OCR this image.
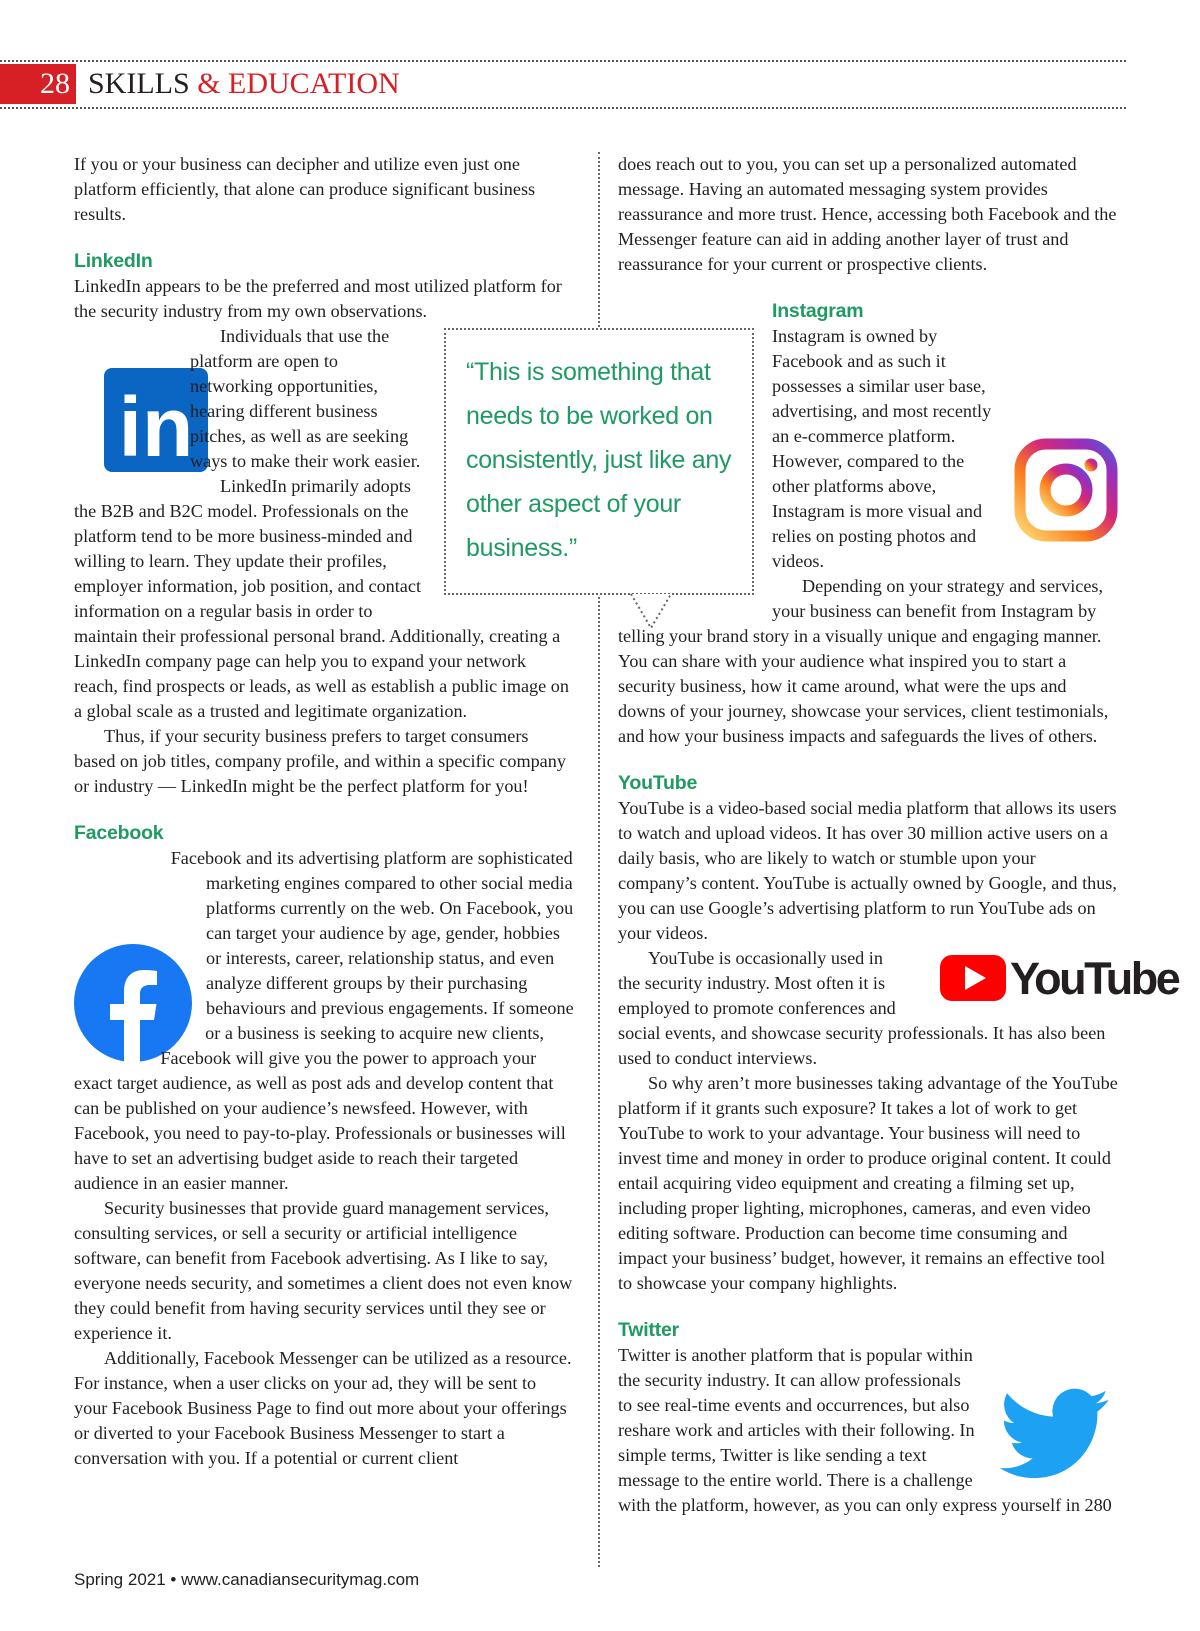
28 SKILLS & EDUCATION

If you or your business can decipher and utilize even just one platform efficiently, that alone can produce significant business results.

LinkedIn

LinkedIn appears to be the preferred and most utilized platform for the security industry from my own observations.

in
Individuals that use the platform are open to networking opportunities, hearing different business pitches, as well as are seeking ways to make their work easier.

LinkedIn primarily adopts the B2B and B2C model. Professionals on the platform tend to be more business-minded and willing to learn. They update their profiles, employer information, job position, and contact information on a regular basis in order to maintain their professional personal brand. Additionally, creating a LinkedIn company page can help you to expand your network reach, find prospects or leads, as well as establish a public image on a global scale as a trusted and legitimate organization.

Thus, if your security business prefers to target consumers based on job titles, company profile, and within a specific company or industry — LinkedIn might be the perfect platform for you!

Facebook

Facebook and its advertising platform are sophisticated marketing engines compared to other social media platforms currently on the web. On Facebook, you can target your audience by age, gender, hobbies or interests, career, relationship status, and even analyze different groups by their purchasing behaviours and previous engagements. If someone or a business is seeking to acquire new clients, Facebook will give you the power to approach your exact target audience, as well as post ads and develop content that can be published on your audience’s newsfeed. However, with Facebook, you need to pay-to-play. Professionals or businesses will have to set an advertising budget aside to reach their targeted audience in an easier manner.

Security businesses that provide guard management services, consulting services, or sell a security or artificial intelligence software, can benefit from Facebook advertising. As I like to say, everyone needs security, and sometimes a client does not even know they could benefit from having security services until they see or experience it.

Additionally, Facebook Messenger can be utilized as a resource. For instance, when a user clicks on your ad, they will be sent to your Facebook Business Page to find out more about your offerings or diverted to your Facebook Business Messenger to start a conversation with you. If a potential or current client

“This is something that needs to be worked on consistently, just like any other aspect of your business.”

does reach out to you, you can set up a personalized automated message. Having an automated messaging system provides reassurance and more trust. Hence, accessing both Facebook and the Messenger feature can aid in adding another layer of trust and reassurance for your current or prospective clients.

Instagram

Instagram is owned by Facebook and as such it possesses a similar user base, advertising, and most recently an e-commerce platform. However, compared to the other platforms above, Instagram is more visual and relies on posting photos and videos.

Depending on your strategy and services, your business can benefit from Instagram by telling your brand story in a visually unique and engaging manner. You can share with your audience what inspired you to start a security business, how it came around, what were the ups and downs of your journey, showcase your services, client testimonials, and how your business impacts and safeguards the lives of others.

YouTube

YouTube is a video-based social media platform that allows its users to watch and upload videos. It has over 30 million active users on a daily basis, who are likely to watch or stumble upon your company’s content. YouTube is actually owned by Google, and thus, you can use Google’s advertising platform to run YouTube ads on your videos.

YouTube
YouTube is occasionally used in the security industry. Most often it is employed to promote conferences and social events, and showcase security professionals. It has also been used to conduct interviews.

So why aren’t more businesses taking advantage of the YouTube platform if it grants such exposure? It takes a lot of work to get YouTube to work to your advantage. Your business will need to invest time and money in order to produce original content. It could entail acquiring video equipment and creating a filming set up, including proper lighting, microphones, cameras, and even video editing software. Production can become time consuming and impact your business’ budget, however, it remains an effective tool to showcase your company highlights.

Twitter

Twitter is another platform that is popular within the security industry. It can allow professionals to see real-time events and occurrences, but also reshare work and articles with their following. In simple terms, Twitter is like sending a text message to the entire world. There is a challenge with the platform, however, as you can only express yourself in 280

Spring 2021 • www.canadiansecuritymag.com
